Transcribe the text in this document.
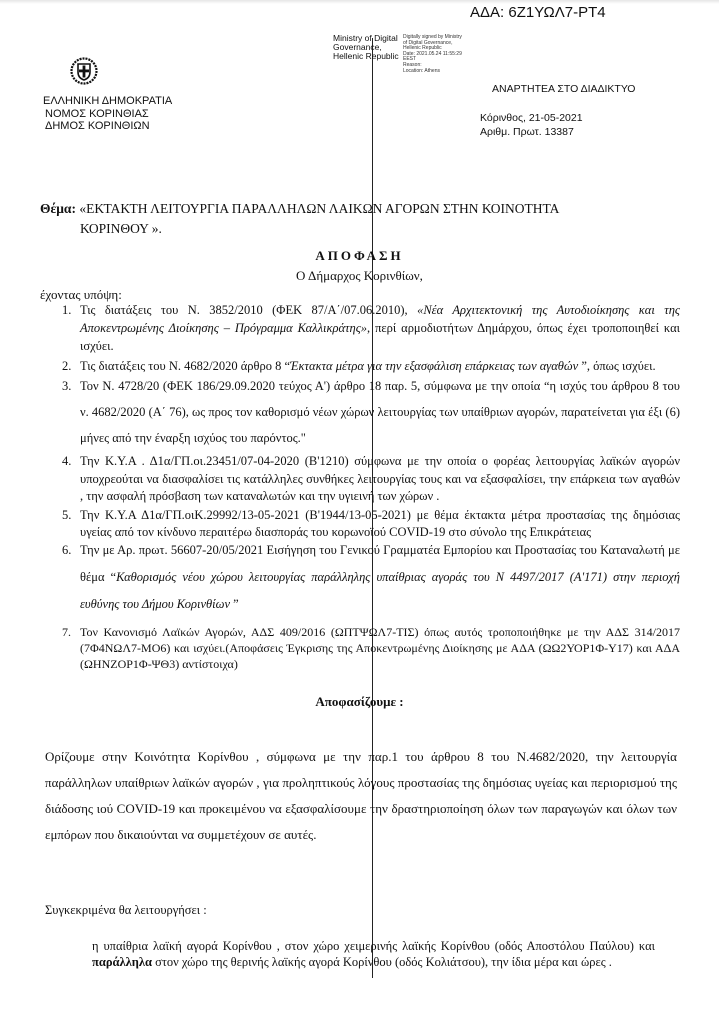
ΑΔΑ: 6Ζ1ΥΩΛ7-ΡΤ4
Ministry of Digital
Governance,
Hellenic Republic
Digitally signed by Ministry
of Digital Governance,
Hellenic Republic
Date: 2021.05.24 11:55:29
EEST
Reason:
Location: Athens
ΕΛΛΗΝΙΚΗ ΔΗΜΟΚΡΑΤΙΑ
ΝΟΜΟΣ ΚΟΡΙΝΘΙΑΣ
ΔΗΜΟΣ ΚΟΡΙΝΘΙΩΝ
ΑΝΑΡΤΗΤΕΑ ΣΤΟ ΔΙΑΔΙΚΤΥΟ
Κόρινθος, 21-05-2021
Αριθμ. Πρωτ. 13387
Θέμα: «ΕΚΤΑΚΤΗ ΛΕΙΤΟΥΡΓΙΑ ΠΑΡΑΛΛΗΛΩΝ ΛΑΙΚΩΝ ΑΓΟΡΩΝ ΣΤΗΝ ΚΟΙΝΟΤΗΤΑ
ΚΟΡΙΝΘΟΥ ».
ΑΠΟΦΑΣΗ
Ο Δήμαρχος Κορινθίων,
έχοντας υπόψη:
1. Τις διατάξεις του Ν. 3852/2010 (ΦΕΚ 87/Α΄/07.06.2010), «Νέα Αρχιτεκτονική της Αυτοδιοίκησης και της Αποκεντρωμένης Διοίκησης – Πρόγραμμα Καλλικράτης», περί αρμοδιοτήτων Δημάρχου, όπως έχει τροποποιηθεί και ισχύει.
2. Τις διατάξεις του Ν. 4682/2020 άρθρο 8 “Έκτακτα μέτρα για την εξασφάλιση επάρκειας των αγαθών ”, όπως ισχύει.
3. Τον Ν. 4728/20 (ΦΕΚ 186/29.09.2020 τεύχος Α') άρθρο 18 παρ. 5, σύμφωνα με την οποία “η ισχύς του άρθρου 8 του ν. 4682/2020 (Α΄ 76), ως προς τον καθορισμό νέων χώρων λειτουργίας των υπαίθριων αγορών, παρατείνεται για έξι (6) μήνες από την έναρξη ισχύος του παρόντος."
4. Την Κ.Υ.Α . Δ1α/ΓΠ.οι.23451/07-04-2020 (Β'1210) σύμφωνα με την οποία ο φορέας λειτουργίας λαϊκών αγορών υποχρεούται να διασφαλίσει τις κατάλληλες συνθήκες λειτουργίας τους και να εξασφαλίσει, την επάρκεια των αγαθών , την ασφαλή πρόσβαση των καταναλωτών και την υγιεινή των χώρων .
5. Την Κ.Υ.Α Δ1α/ΓΠ.οιΚ.29992/13-05-2021 (Β'1944/13-05-2021) με θέμα έκτακτα μέτρα προστασίας της δημόσιας υγείας από τον κίνδυνο περαιτέρω διασποράς του κορωνοϊού COVID-19 στο σύνολο της Επικράτειας
6. Την με Αρ. πρωτ. 56607-20/05/2021 Εισήγηση του Γενικού Γραμματέα Εμπορίου και Προστασίας του Καταναλωτή με θέμα “Καθορισμός νέου χώρου λειτουργίας παράλληλης υπαίθριας αγοράς του Ν 4497/2017 (Α'171) στην περιοχή ευθύνης του Δήμου Κορινθίων ”
7. Τον Κανονισμό Λαϊκών Αγορών, ΑΔΣ 409/2016 (ΩΠΤΨΩΛ7-ΤΙΣ) όπως αυτός τροποποιήθηκε με την ΑΔΣ 314/2017 (7Φ4ΝΩΛ7-ΜΟ6) και ισχύει.(Αποφάσεις Έγκρισης της Αποκεντρωμένης Διοίκησης με ΑΔΑ (ΩΩ2ΥΟΡ1Φ-Υ17) και ΑΔΑ (ΩΗΝΖΟΡ1Φ-ΨΘ3) αντίστοιχα)
Αποφασίζουμε :
Ορίζουμε στην Κοινότητα Κορίνθου , σύμφωνα με την παρ.1 του άρθρου 8 του Ν.4682/2020, την λειτουργία παράλληλων υπαίθριων λαϊκών αγορών , για προληπτικούς λόγους προστασίας της δημόσιας υγείας και περιορισμού της διάδοσης ιού COVID-19 και προκειμένου να εξασφαλίσουμε την δραστηριοποίηση όλων των παραγωγών και όλων των εμπόρων που δικαιούνται να συμμετέχουν σε αυτές.
Συγκεκριμένα θα λειτουργήσει :
η υπαίθρια λαϊκή αγορά Κορίνθου , στον χώρο χειμερινής λαϊκής Κορίνθου (οδός Αποστόλου Παύλου) και παράλληλα στον χώρο της θερινής λαϊκής αγορά Κορίνθου (οδός Κολιάτσου), την ίδια μέρα και ώρες .
